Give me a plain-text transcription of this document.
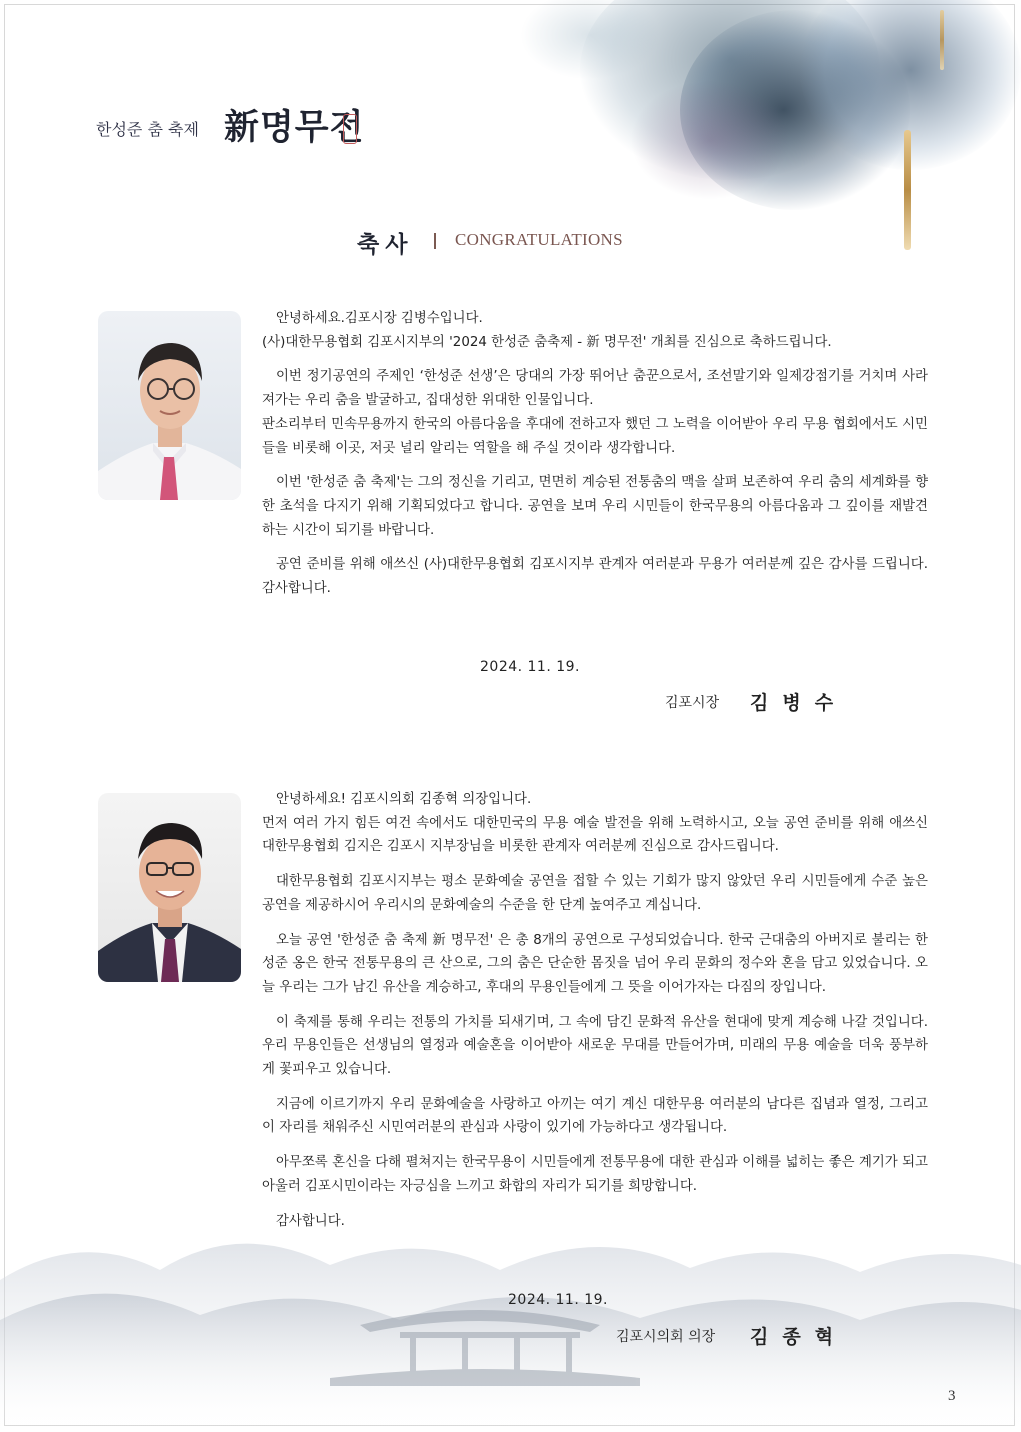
한성준 춤 축제 新명무전
축사 CONGRATULATIONS

안녕하세요.김포시장 김병수입니다.

(사)대한무용협회 김포시지부의 '2024 한성준 춤축제 - 新 명무전' 개최를 진심으로 축하드립니다.

이번 정기공연의 주제인 ‘한성준 선생’은 당대의 가장 뛰어난 춤꾼으로서, 조선말기와 일제강점기를 거치며 사라져가는 우리 춤을 발굴하고, 집대성한 위대한 인물입니다.

판소리부터 민속무용까지 한국의 아름다움을 후대에 전하고자 했던 그 노력을 이어받아 우리 무용 협회에서도 시민들을 비롯해 이곳, 저곳 널리 알리는 역할을 해 주실 것이라 생각합니다.

이번 '한성준 춤 축제'는 그의 정신을 기리고, 면면히 계승된 전통춤의 맥을 살펴 보존하여 우리 춤의 세계화를 향한 초석을 다지기 위해 기획되었다고 합니다. 공연을 보며 우리 시민들이 한국무용의 아름다움과 그 깊이를 재발견하는 시간이 되기를 바랍니다.

공연 준비를 위해 애쓰신 (사)대한무용협회 김포시지부 관계자 여러분과 무용가 여러분께 깊은 감사를 드립니다. 감사합니다.

2024. 11. 19.
김포시장 김병수

안녕하세요! 김포시의회 김종혁 의장입니다.

먼저 여러 가지 힘든 여건 속에서도 대한민국의 무용 예술 발전을 위해 노력하시고, 오늘 공연 준비를 위해 애쓰신 대한무용협회 김지은 김포시 지부장님을 비롯한 관계자 여러분께 진심으로 감사드립니다.

대한무용협회 김포시지부는 평소 문화예술 공연을 접할 수 있는 기회가 많지 않았던 우리 시민들에게 수준 높은 공연을 제공하시어 우리시의 문화예술의 수준을 한 단계 높여주고 계십니다.

오늘 공연 '한성준 춤 축제 新 명무전' 은 총 8개의 공연으로 구성되었습니다. 한국 근대춤의 아버지로 불리는 한성준 옹은 한국 전통무용의 큰 산으로, 그의 춤은 단순한 몸짓을 넘어 우리 문화의 정수와 혼을 담고 있었습니다. 오늘 우리는 그가 남긴 유산을 계승하고, 후대의 무용인들에게 그 뜻을 이어가자는 다짐의 장입니다.

이 축제를 통해 우리는 전통의 가치를 되새기며, 그 속에 담긴 문화적 유산을 현대에 맞게 계승해 나갈 것입니다. 우리 무용인들은 선생님의 열정과 예술혼을 이어받아 새로운 무대를 만들어가며, 미래의 무용 예술을 더욱 풍부하게 꽃피우고 있습니다.

지금에 이르기까지 우리 문화예술을 사랑하고 아끼는 여기 계신 대한무용 여러분의 남다른 집념과 열정, 그리고 이 자리를 채워주신 시민여러분의 관심과 사랑이 있기에 가능하다고 생각됩니다.

아무쪼록 혼신을 다해 펼쳐지는 한국무용이 시민들에게 전통무용에 대한 관심과 이해를 넓히는 좋은 계기가 되고 아울러 김포시민이라는 자긍심을 느끼고 화합의 자리가 되기를 희망합니다.

감사합니다.

2024. 11. 19.
김포시의회 의장 김종혁
3
